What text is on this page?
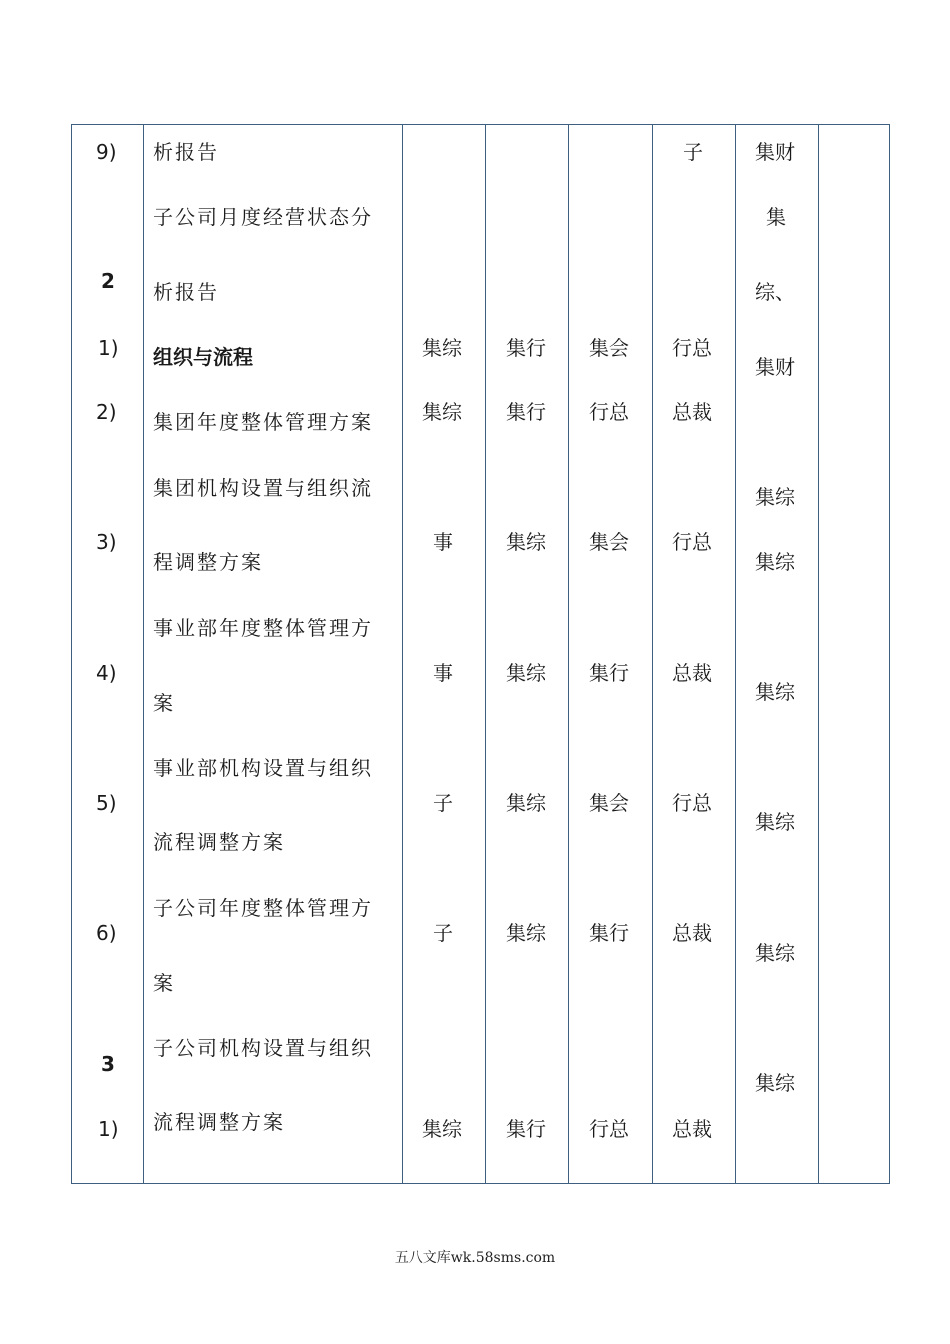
9)
2
1)
2)
3)
4)
5)
6)
3
1)
析报告
子公司月度经营状态分
析报告
组织与流程
集团年度整体管理方案
集团机构设置与组织流
程调整方案
事业部年度整体管理方
案
事业部机构设置与组织
流程调整方案
子公司年度整体管理方
案
子公司机构设置与组织
流程调整方案
集综
集综
事
事
子
子
集综
集行
集行
集综
集综
集综
集综
集行
集会
行总
集会
集行
集会
集行
行总
子
行总
总裁
行总
总裁
行总
总裁
总裁
集财
集
综、
集财
集综
集综
集综
集综
集综
集综
五八文库wk.58sms.com
